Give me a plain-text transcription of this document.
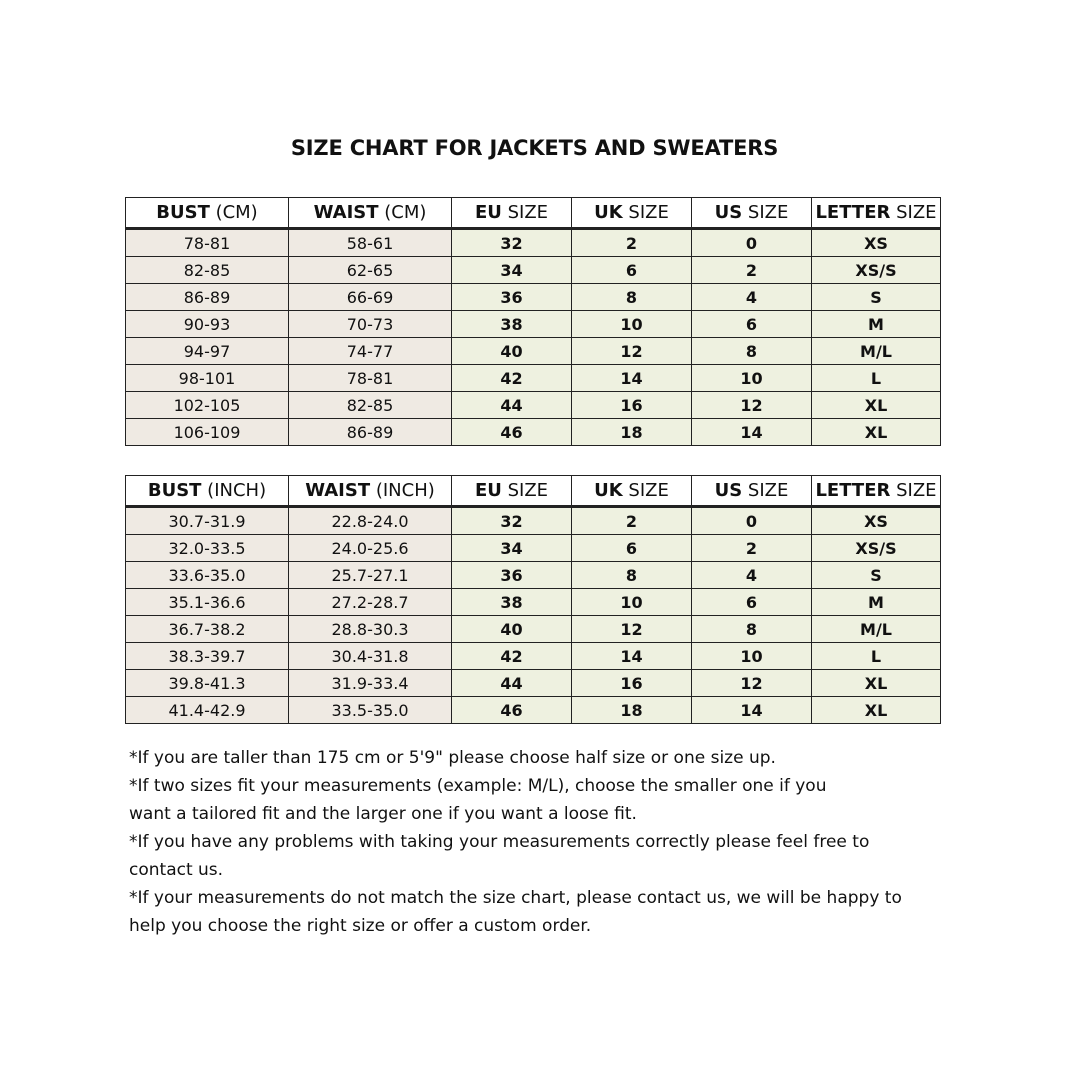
SIZE CHART FOR JACKETS AND SWEATERS
BUST (CM)	WAIST (CM)	EU SIZE	UK SIZE	US SIZE	LETTER SIZE
78-81	58-61	32	2	0	XS
82-85	62-65	34	6	2	XS/S
86-89	66-69	36	8	4	S
90-93	70-73	38	10	6	M
94-97	74-77	40	12	8	M/L
98-101	78-81	42	14	10	L
102-105	82-85	44	16	12	XL
106-109	86-89	46	18	14	XL
BUST (INCH)	WAIST (INCH)	EU SIZE	UK SIZE	US SIZE	LETTER SIZE
30.7-31.9	22.8-24.0	32	2	0	XS
32.0-33.5	24.0-25.6	34	6	2	XS/S
33.6-35.0	25.7-27.1	36	8	4	S
35.1-36.6	27.2-28.7	38	10	6	M
36.7-38.2	28.8-30.3	40	12	8	M/L
38.3-39.7	30.4-31.8	42	14	10	L
39.8-41.3	31.9-33.4	44	16	12	XL
41.4-42.9	33.5-35.0	46	18	14	XL

*If you are taller than 175 cm or 5'9" please choose half size or one size up.

*If two sizes fit your measurements (example: M/L), choose the smaller one if you

want a tailored fit and the larger one if you want a loose fit.

*If you have any problems with taking your measurements correctly please feel free to

contact us.

*If your measurements do not match the size chart, please contact us, we will be happy to

help you choose the right size or offer a custom order.
